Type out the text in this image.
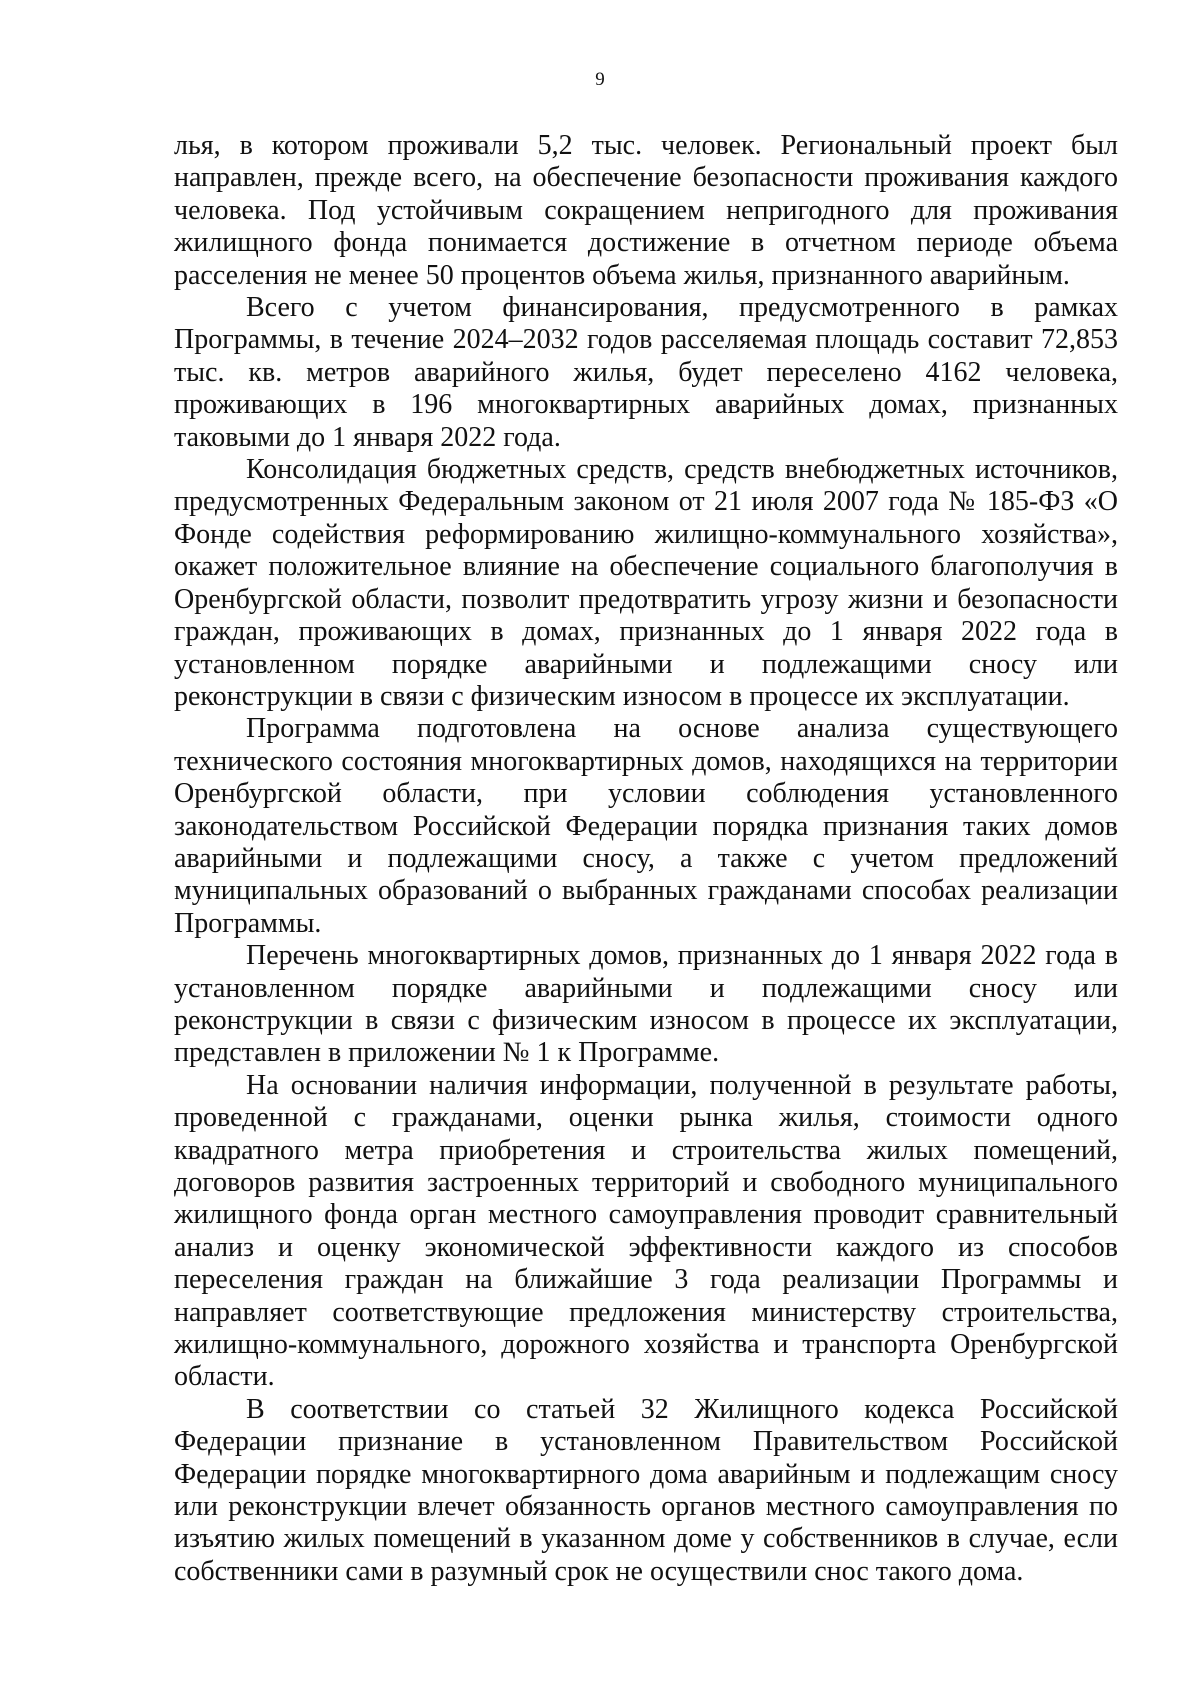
9

лья, в котором проживали 5,2 тыс. человек. Региональный проект был направлен, прежде всего, на обеспечение безопасности проживания каждого человека. Под устойчивым сокращением непригодного для проживания жилищного фонда понимается достижение в отчетном периоде объема расселения не менее 50 процентов объема жилья, признанного аварийным.

Всего с учетом финансирования, предусмотренного в рамках Программы, в течение 2024–2032 годов расселяемая площадь составит 72,853 тыс. кв. метров аварийного жилья, будет переселено 4162 человека, проживающих в 196 многоквартирных аварийных домах, признанных таковыми до 1 января 2022 года.

Консолидация бюджетных средств, средств внебюджетных источников, предусмотренных Федеральным законом от 21 июля 2007 года № 185-ФЗ «О Фонде содействия реформированию жилищно-коммунального хозяйства», окажет положительное влияние на обеспечение социального благополучия в Оренбургской области, позволит предотвратить угрозу жизни и безопасности граждан, проживающих в домах, признанных до 1 января 2022 года в установленном порядке аварийными и подлежащими сносу или реконструкции в связи с физическим износом в процессе их эксплуатации.

Программа подготовлена на основе анализа существующего технического состояния многоквартирных домов, находящихся на территории Оренбургской области, при условии соблюдения установленного законодательством Российской Федерации порядка признания таких домов аварийными и подлежащими сносу, а также с учетом предложений муниципальных образований о выбранных гражданами способах реализации Программы.

Перечень многоквартирных домов, признанных до 1 января 2022 года в установленном порядке аварийными и подлежащими сносу или реконструкции в связи с физическим износом в процессе их эксплуатации, представлен в приложении № 1 к Программе.

На основании наличия информации, полученной в результате работы, проведенной с гражданами, оценки рынка жилья, стоимости одного квадратного метра приобретения и строительства жилых помещений, договоров развития застроенных территорий и свободного муниципального жилищного фонда орган местного самоуправления проводит сравнительный анализ и оценку экономической эффективности каждого из способов переселения граждан на ближайшие 3 года реализации Программы и направляет соответствующие предложения министерству строительства, жилищно-коммунального, дорожного хозяйства и транспорта Оренбургской области.

В соответствии со статьей 32 Жилищного кодекса Российской Федерации признание в установленном Правительством Российской Федерации порядке многоквартирного дома аварийным и подлежащим сносу или реконструкции влечет обязанность органов местного самоуправления по изъятию жилых помещений в указанном доме у собственников в случае, если собственники сами в разумный срок не осуществили снос такого дома.
